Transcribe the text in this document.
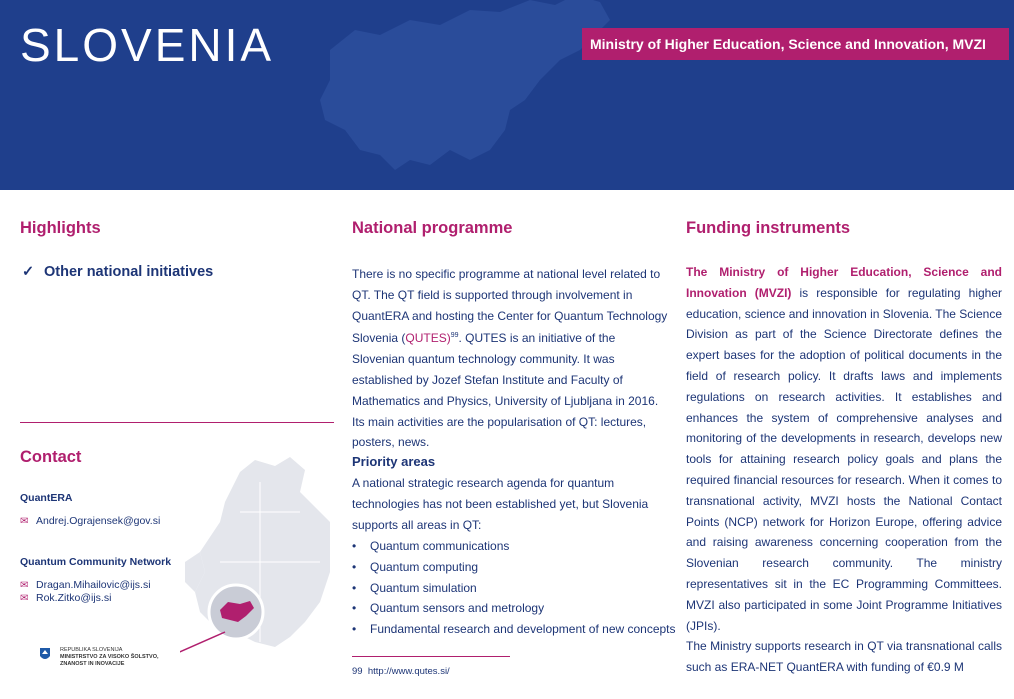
SLOVENIA	Ministry of Higher Education, Science and Innovation, MVZI
Highlights
✓ Other national initiatives
Contact
QuantERA
✉ Andrej.Ograjensek@gov.si
Quantum Community Network
✉ Dragan.Mihailovic@ijs.si
✉ Rok.Zitko@ijs.si
REPUBLIKA SLOVENIJA
MINISTRSTVO ZA VISOKO ŠOLSTVO,
ZNANOST IN INOVACIJE
National programme
There is no specific programme at national level related to QT. The QT field is supported through involvement in QuantERA and hosting the Center for Quantum Technology Slovenia (QUTES)$^{99}$. QUTES is an initiative of the Slovenian quantum technology community. It was established by Jozef Stefan Institute and Faculty of Mathematics and Physics, University of Ljubljana in 2016. Its main activities are the popularisation of QT: lectures, posters, news.
Priority areas
A national strategic research agenda for quantum technologies has not been established yet, but Slovenia supports all areas in QT:
• Quantum communications
• Quantum computing
• Quantum simulation
• Quantum sensors and metrology
• Fundamental research and development of new concepts
99 http://www.qutes.si/
Funding instruments
The Ministry of Higher Education, Science and Innovation (MVZI) is responsible for regulating higher education, science and innovation in Slovenia. The Science Division as part of the Science Directorate defines the expert bases for the adoption of political documents in the field of research policy. It drafts laws and implements regulations on research activities. It establishes and enhances the system of comprehensive analyses and monitoring of the developments in research, develops new tools for attaining research policy goals and plans the required financial resources for research. When it comes to transnational activity, MVZI hosts the National Contact Points (NCP) network for Horizon Europe, offering advice and raising awareness concerning cooperation from the Slovenian research community. The ministry representatives sit in the EC Programming Committees. MVZI also participated in some Joint Programme Initiatives (JPIs).
The Ministry supports research in QT via transnational calls such as ERA-NET QuantERA with funding of €0.9 M
